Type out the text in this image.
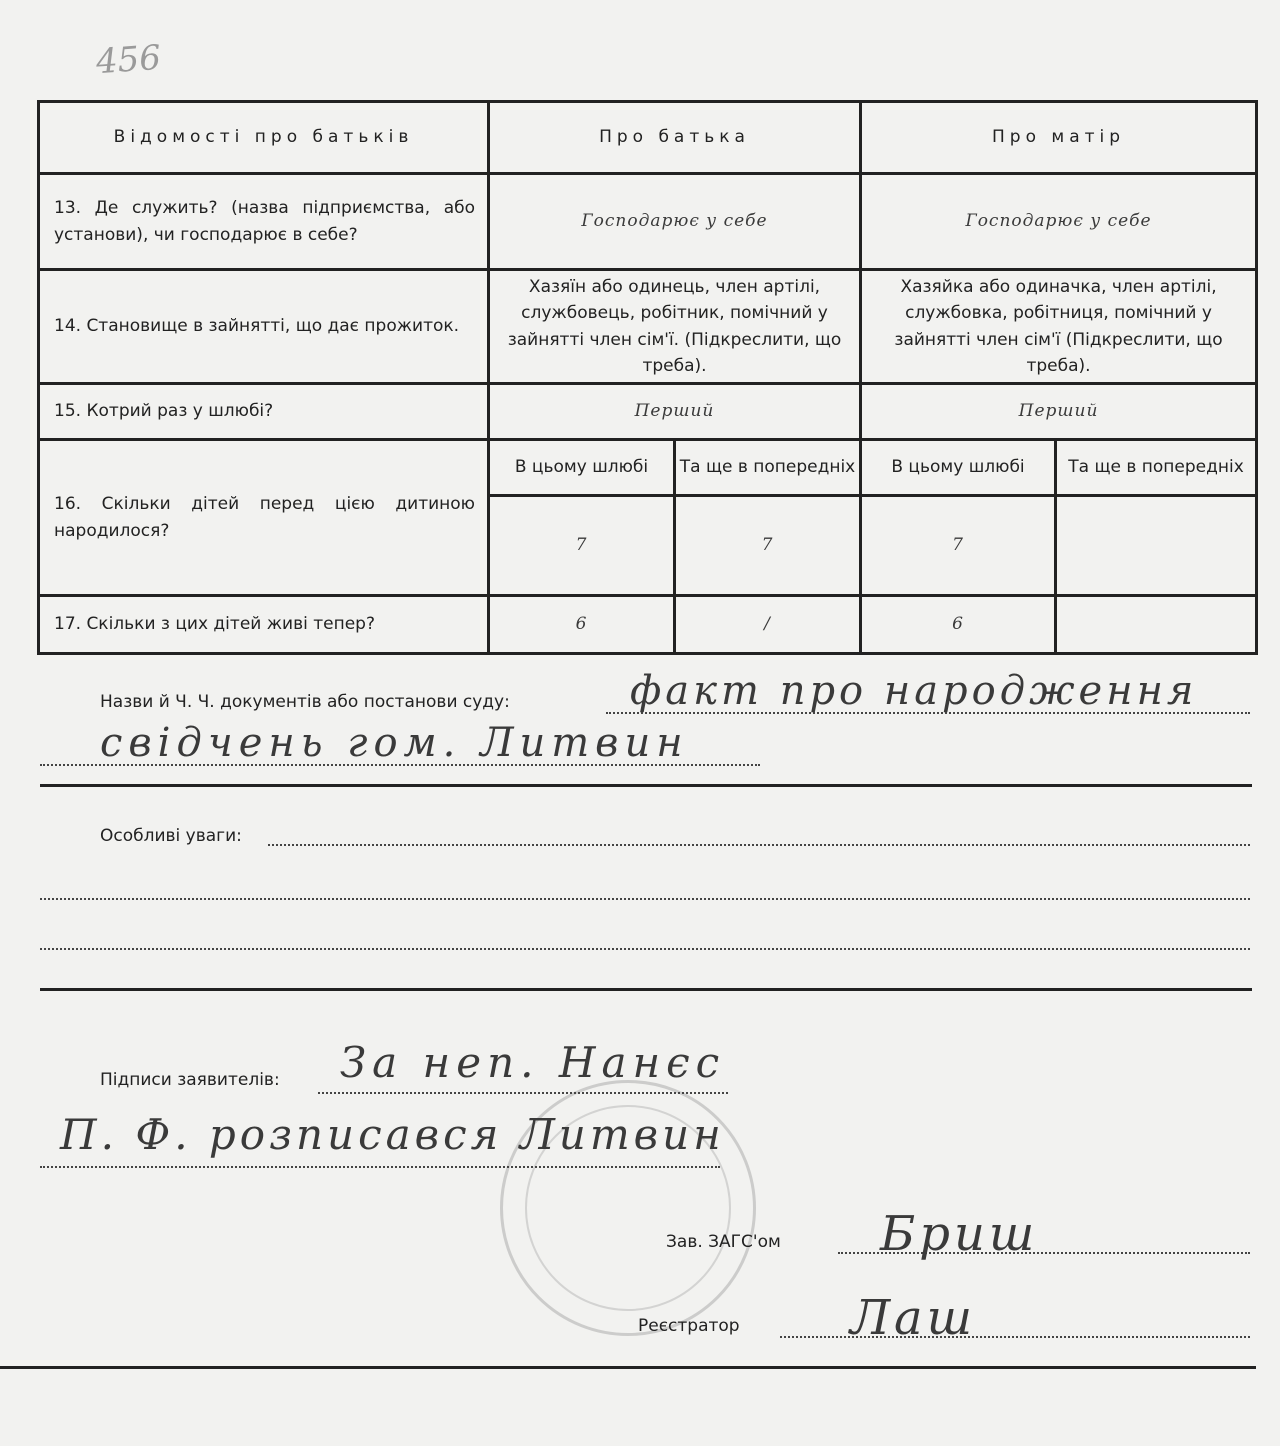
456
Відомості про батьків	Про батька		Про матір	
13. Де служить? (назва підприємства, або установи), чи господарює в себе?	Господарює у себе		Господарює у себе	
14. Становище в зайнятті, що дає прожиток.	Хазяїн або одинець, член артілі, службовець, робітник, помічний у зайнятті член сім'ї. (Підкреслити, що треба).		Хазяйка або одиначка, член артілі, службовка, робітниця, помічний у зайнятті член сім'ї (Підкреслити, що треба).	
15. Котрий раз у шлюбі?	Перший		Перший	
16. Скільки дітей перед цією дитиною народилося?	В цьому шлюбі	Та ще в попередніх	В цьому шлюбі	Та ще в попередніх
	7	7	7	
17. Скільки з цих дітей живі тепер?	6	/	6	
Назви й Ч. Ч. документів або постанови суду:	факт про народження
свідчень гом. Литвин
Особливі уваги:
Підписи заявителів: За неп. Нанєс
П. Ф. розписався Литвин
Зав. ЗАГС'ом Бриш
Реєстратор Лаш
